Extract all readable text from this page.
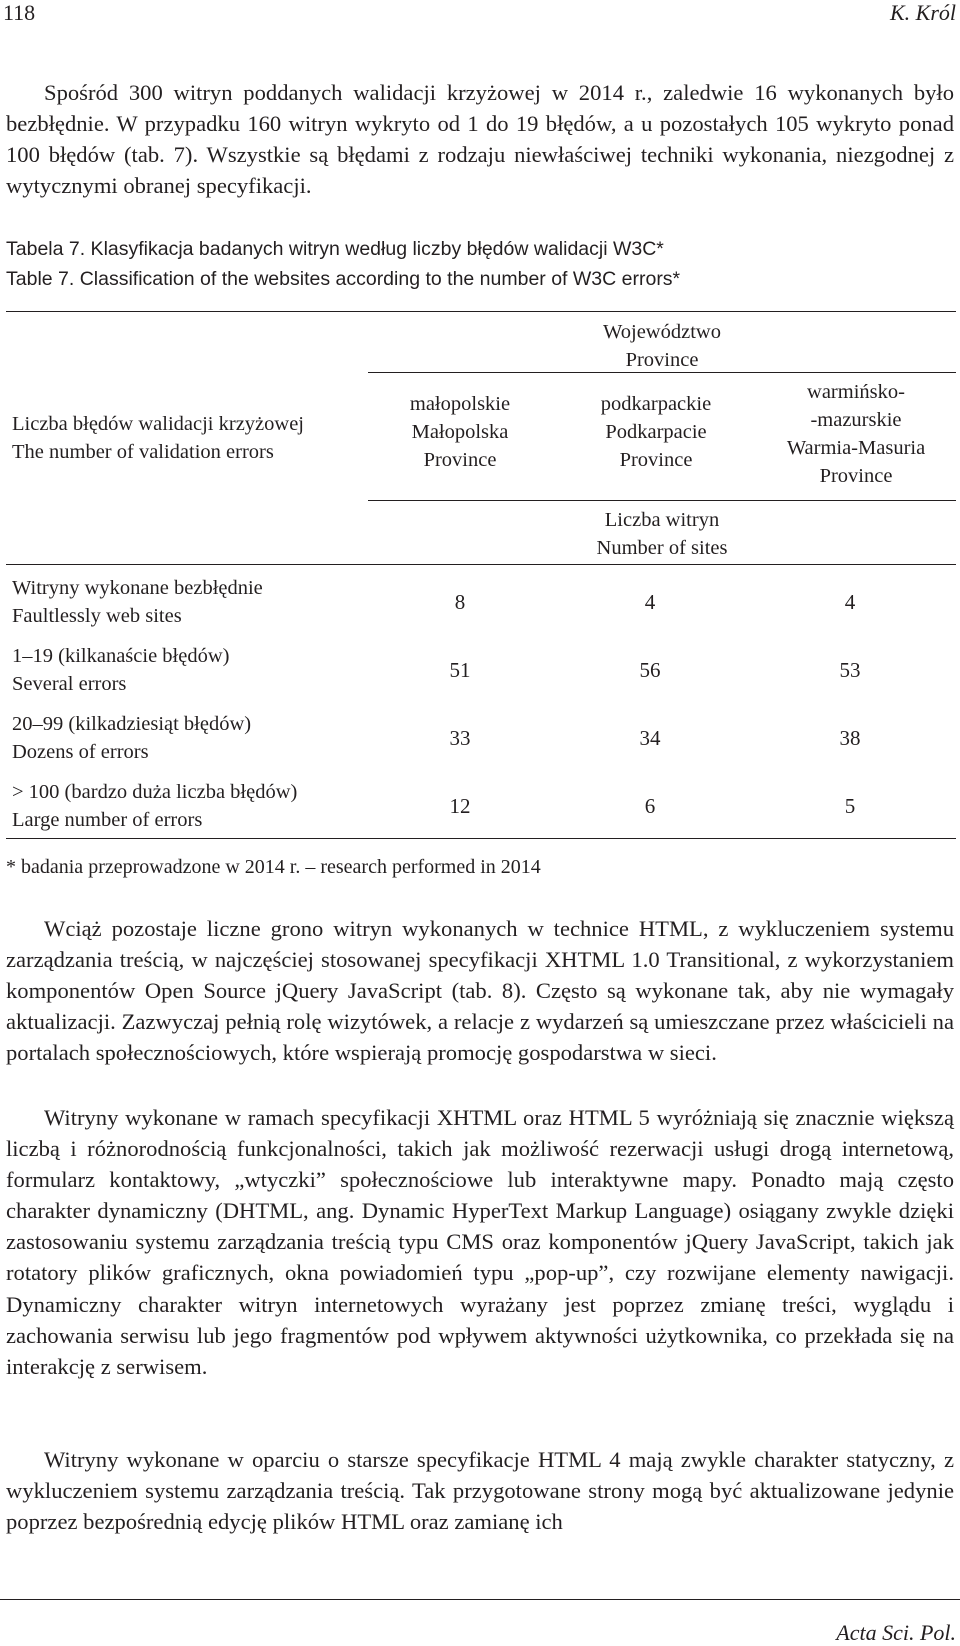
118	K. Król

Spośród 300 witryn poddanych walidacji krzyżowej w 2014 r., zaledwie 16 wykonanych było bezbłędnie. W przypadku 160 witryn wykryto od 1 do 19 błędów, a u pozostałych 105 wykryto ponad 100 błędów (tab. 7). Wszystkie są błędami z rodzaju niewłaściwej techniki wykonania, niezgodnej z wytycznymi obranej specyfikacji.

Tabela 7. Klasyfikacja badanych witryn według liczby błędów walidacji W3C*
Table 7. Classification of the websites according to the number of W3C errors*
Liczba błędów walidacji krzyżowej
The number of validation errors
Województwo
Province
małopolskie
Małopolska
Province
podkarpackie
Podkarpacie
Province
warmińsko-
-mazurskie
Warmia-Masuria
Province
Liczba witryn
Number of sites
Witryny wykonane bezbłędnie
Faultlessly web sites
8	4	4
1–19 (kilkanaście błędów)
Several errors
51	56	53
20–99 (kilkadziesiąt błędów)
Dozens of errors
33	34	38
> 100 (bardzo duża liczba błędów)
Large number of errors
12	6	5
* badania przeprowadzone w 2014 r. – research performed in 2014

Wciąż pozostaje liczne grono witryn wykonanych w technice HTML, z wykluczeniem systemu zarządzania treścią, w najczęściej stosowanej specyfikacji XHTML 1.0 Transitional, z wykorzystaniem komponentów Open Source jQuery JavaScript (tab. 8). Często są wykonane tak, aby nie wymagały aktualizacji. Zazwyczaj pełnią rolę wizytówek, a relacje z wydarzeń są umieszczane przez właścicieli na portalach społecznościowych, które wspierają promocję gospodarstwa w sieci.

Witryny wykonane w ramach specyfikacji XHTML oraz HTML 5 wyróżniają się znacznie większą liczbą i różnorodnością funkcjonalności, takich jak możliwość rezerwacji usługi drogą internetową, formularz kontaktowy, „wtyczki” społecznościowe lub interaktywne mapy. Ponadto mają często charakter dynamiczny (DHTML, ang. Dynamic HyperText Markup Language) osiągany zwykle dzięki zastosowaniu systemu zarządzania treścią typu CMS oraz komponentów jQuery JavaScript, takich jak rotatory plików graficznych, okna powiadomień typu „pop-up”, czy rozwijane elementy nawigacji. Dynamiczny charakter witryn internetowych wyrażany jest poprzez zmianę treści, wyglądu i zachowania serwisu lub jego fragmentów pod wpływem aktywności użytkownika, co przekłada się na interakcję z serwisem.

Witryny wykonane w oparciu o starsze specyfikacje HTML 4 mają zwykle charakter statyczny, z wykluczeniem systemu zarządzania treścią. Tak przygotowane strony mogą być aktualizowane jedynie poprzez bezpośrednią edycję plików HTML oraz zamianę ich

Acta Sci. Pol.
